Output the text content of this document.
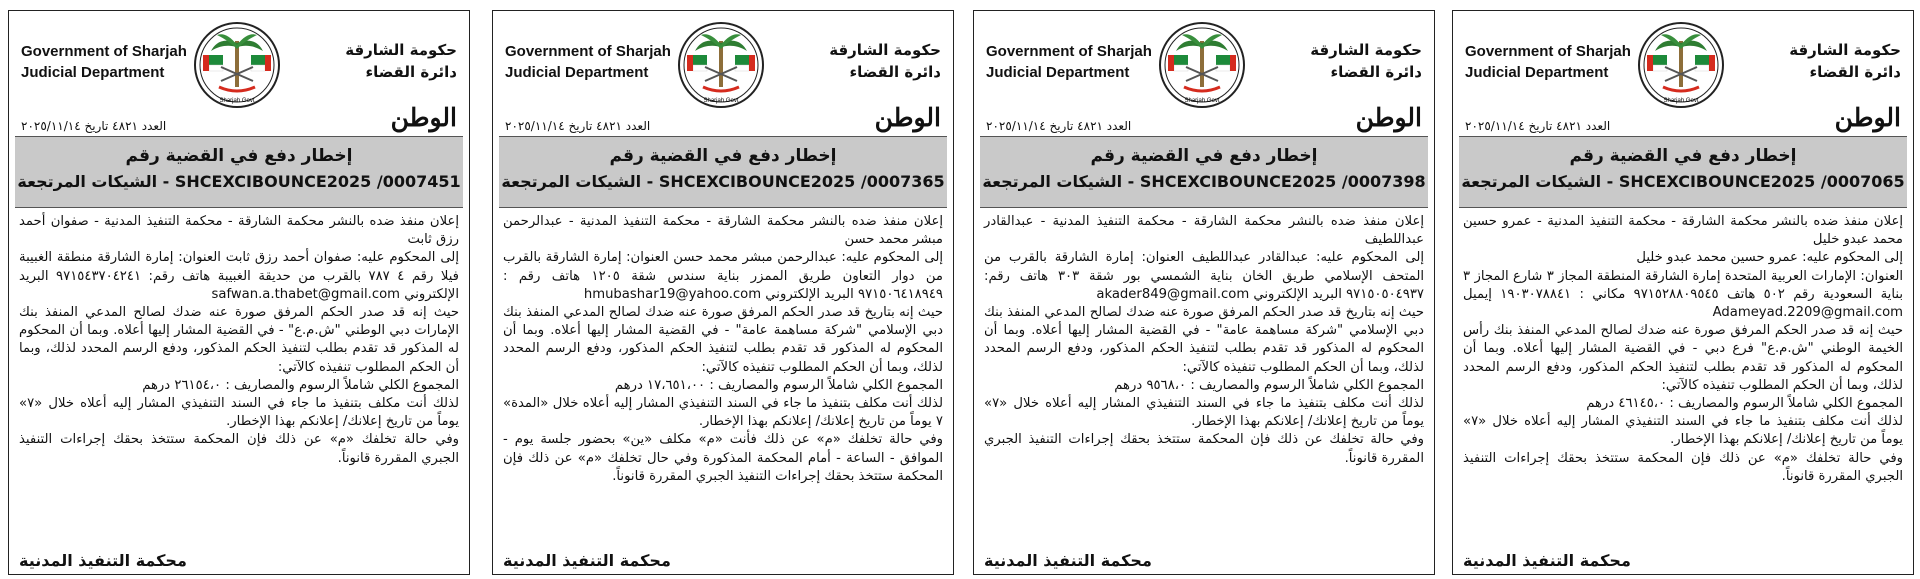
Government of Sharjah
Judicial Department
Sharjah Govt
حكومة الشارقة
دائرة القضاء
الوطن
العدد ٤٨٢١ تاريخ ٢٠٢٥/١١/١٤
إخطار دفع في القضية رقم
SHCEXCIBOUNCE2025 /0007065 - الشيكات المرتجعة

إعلان منفذ ضده بالنشر محكمة الشارقة - محكمة التنفيذ المدنية - عمرو حسين محمد عبدو خليل

إلى المحكوم عليه: عمرو حسين محمد عبدو خليل

العنوان: الإمارات العربية المتحدة إمارة الشارقة المنطقة المجاز ٣ شارع المجاز ٣ بناية السعودية رقم ٥٠٢ هاتف ٩٧١٥٢٨٨٠٩٥٤٥ مكاني : ١٩٠٣٠٧٨٨٤١ إيميل Adameyad.2209@gmail.com

حيث إنه قد صدر الحكم المرفق صورة عنه ضدك لصالح المدعي المنفذ بنك رأس الخيمة الوطني "ش.م.ع" فرع دبي - في القضية المشار إليها أعلاه. وبما أن المحكوم له المذكور قد تقدم بطلب لتنفيذ الحكم المذكور، ودفع الرسم المحدد لذلك، وبما أن الحكم المطلوب تنفيذه كالآتي:

المجموع الكلي شاملاً الرسوم والمصاريف : ٤٦١٤٥،٠ درهم

لذلك أنت مكلف بتنفيذ ما جاء في السند التنفيذي المشار إليه أعلاه خلال «٧» يوماً من تاريخ إعلانك/ إعلانكم بهذا الإخطار.

وفي حالة تخلفك «م» عن ذلك فإن المحكمة ستتخذ بحقك إجراءات التنفيذ الجبري المقررة قانوناً.

محكمة التنفيذ المدنية
Government of Sharjah
Judicial Department
Sharjah Govt
حكومة الشارقة
دائرة القضاء
الوطن
العدد ٤٨٢١ تاريخ ٢٠٢٥/١١/١٤
إخطار دفع في القضية رقم
SHCEXCIBOUNCE2025 /0007398 - الشيكات المرتجعة

إعلان منفذ ضده بالنشر محكمة الشارقة - محكمة التنفيذ المدنية - عبدالقادر عبداللطيف

إلى المحكوم عليه: عبدالقادر عبداللطيف العنوان: إمارة الشارقة بالقرب من المتحف الإسلامي طريق الخان بناية الشمسي بور شقة ٣٠٣ هاتف رقم: ٩٧١٥٠٥٠٤٩٣٧ البريد الإلكتروني akader849@gmail.com

حيث إنه بتاريخ قد صدر الحكم المرفق صورة عنه ضدك لصالح المدعي المنفذ بنك دبي الإسلامي "شركة مساهمة عامة" - في القضية المشار إليها أعلاه. وبما أن المحكوم له المذكور قد تقدم بطلب لتنفيذ الحكم المذكور، ودفع الرسم المحدد لذلك، وبما أن الحكم المطلوب تنفيذه كالآتي:

المجموع الكلي شاملاً الرسوم والمصاريف : ٩٥٦٨،٠ درهم

لذلك أنت مكلف بتنفيذ ما جاء في السند التنفيذي المشار إليه أعلاه خلال «٧» يوماً من تاريخ إعلانك/ إعلانكم بهذا الإخطار.

وفي حالة تخلفك عن ذلك فإن المحكمة ستتخذ بحقك إجراءات التنفيذ الجبري المقررة قانوناً.

محكمة التنفيذ المدنية
Government of Sharjah
Judicial Department
Sharjah Govt
حكومة الشارقة
دائرة القضاء
الوطن
العدد ٤٨٢١ تاريخ ٢٠٢٥/١١/١٤
إخطار دفع في القضية رقم
SHCEXCIBOUNCE2025 /0007365 - الشيكات المرتجعة

إعلان منفذ ضده بالنشر محكمة الشارقة - محكمة التنفيذ المدنية - عبدالرحمن مبشر محمد حسن

إلى المحكوم عليه: عبدالرحمن مبشر محمد حسن العنوان: إمارة الشارقة بالقرب من دوار التعاون طريق الممزر بناية سندس شقة ١٢٠٥ هاتف رقم : ٩٧١٥٠٦٤١٨٩٤٩ البريد الإلكتروني hmubashar19@yahoo.com

حيث إنه بتاريخ قد صدر الحكم المرفق صورة عنه ضدك لصالح المدعي المنفذ بنك دبي الإسلامي "شركة مساهمة عامة" - في القضية المشار إليها أعلاه. وبما أن المحكوم له المذكور قد تقدم بطلب لتنفيذ الحكم المذكور، ودفع الرسم المحدد لذلك، وبما أن الحكم المطلوب تنفيذه كالآتي:

المجموع الكلي شاملاً الرسوم والمصاريف : ١٧،٦٥١،٠٠ درهم

لذلك أنت مكلف بتنفيذ ما جاء في السند التنفيذي المشار إليه أعلاه خلال «المدة» ٧ يوماً من تاريخ إعلانك/ إعلانكم بهذا الإخطار.

وفي حالة تخلفك «م» عن ذلك فأنت «م» مكلف «ين» بحضور جلسة يوم - الموافق - الساعة - أمام المحكمة المذكورة وفي حال تخلفك «م» عن ذلك فإن المحكمة ستتخذ بحقك إجراءات التنفيذ الجبري المقررة قانوناً.

محكمة التنفيذ المدنية
Government of Sharjah
Judicial Department
Sharjah Govt
حكومة الشارقة
دائرة القضاء
الوطن
العدد ٤٨٢١ تاريخ ٢٠٢٥/١١/١٤
إخطار دفع في القضية رقم
SHCEXCIBOUNCE2025 /0007451 - الشيكات المرتجعة

إعلان منفذ ضده بالنشر محكمة الشارقة - محكمة التنفيذ المدنية - صفوان أحمد رزق ثابت

إلى المحكوم عليه: صفوان أحمد رزق ثابت العنوان: إمارة الشارقة منطقة الغبيبة فيلا رقم ٤ ٧٨٧ بالقرب من حديقة الغبيبة هاتف رقم: ٩٧١٥٤٣٧٠٤٢٤١ البريد الإلكتروني safwan.a.thabet@gmail.com

حيث إنه قد صدر الحكم المرفق صورة عنه ضدك لصالح المدعي المنفذ بنك الإمارات دبي الوطني "ش.م.ع" - في القضية المشار إليها أعلاه. وبما أن المحكوم له المذكور قد تقدم بطلب لتنفيذ الحكم المذكور، ودفع الرسم المحدد لذلك، وبما أن الحكم المطلوب تنفيذه كالآتي:

المجموع الكلي شاملاً الرسوم والمصاريف : ٢٦١٥٤،٠ درهم

لذلك أنت مكلف بتنفيذ ما جاء في السند التنفيذي المشار إليه أعلاه خلال «٧» يوماً من تاريخ إعلانك/ إعلانكم بهذا الإخطار.

وفي حالة تخلفك «م» عن ذلك فإن المحكمة ستتخذ بحقك إجراءات التنفيذ الجبري المقررة قانوناً.

محكمة التنفيذ المدنية
